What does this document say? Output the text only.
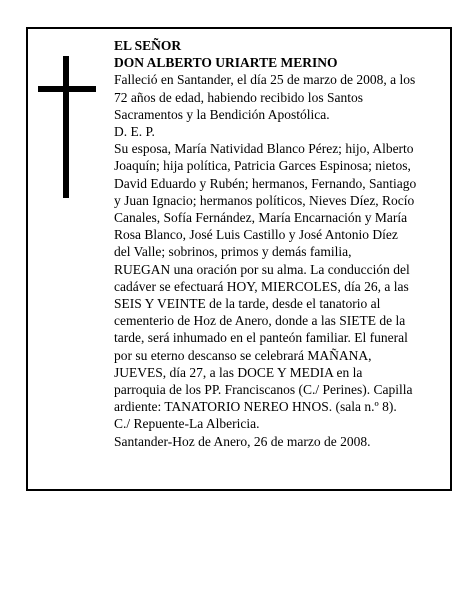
EL SEÑOR
DON ALBERTO URIARTE MERINO
Falleció en Santander, el día 25 de marzo de 2008, a los
72 años de edad, habiendo recibido los Santos
Sacramentos y la Bendición Apostólica.
D. E. P.
Su esposa, María Natividad Blanco Pérez; hijo, Alberto
Joaquín; hija política, Patricia Garces Espinosa; nietos,
David Eduardo y Rubén; hermanos, Fernando, Santiago
y Juan Ignacio; hermanos políticos, Nieves Díez, Rocío
Canales, Sofía Fernández, María Encarnación y María
Rosa Blanco, José Luis Castillo y José Antonio Díez
del Valle; sobrinos, primos y demás familia,
RUEGAN una oración por su alma. La conducción del
cadáver se efectuará HOY, MIERCOLES, día 26, a las
SEIS Y VEINTE de la tarde, desde el tanatorio al
cementerio de Hoz de Anero, donde a las SIETE de la
tarde, será inhumado en el panteón familiar. El funeral
por su eterno descanso se celebrará MAÑANA,
JUEVES, día 27, a las DOCE Y MEDIA en la
parroquia de los PP. Franciscanos (C./ Perines). Capilla
ardiente: TANATORIO NEREO HNOS. (sala n.º 8).
C./ Repuente-La Albericia.
Santander-Hoz de Anero, 26 de marzo de 2008.
